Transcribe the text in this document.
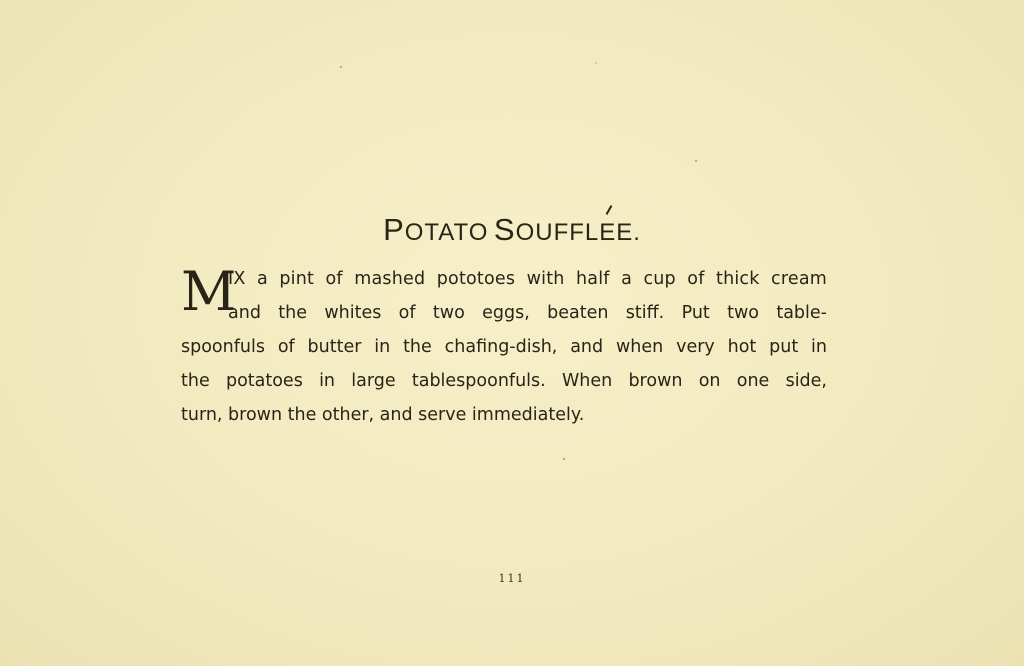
POTATO SOUFFLEE.
M
IX a pint of mashed pototoes with half a cup of thick cream
and the whites of two eggs, beaten stiff. Put two table-
spoonfuls of butter in the chafing-dish, and when very hot put in
the potatoes in large tablespoonfuls. When brown on one side,
turn, brown the other, and serve immediately.
111
